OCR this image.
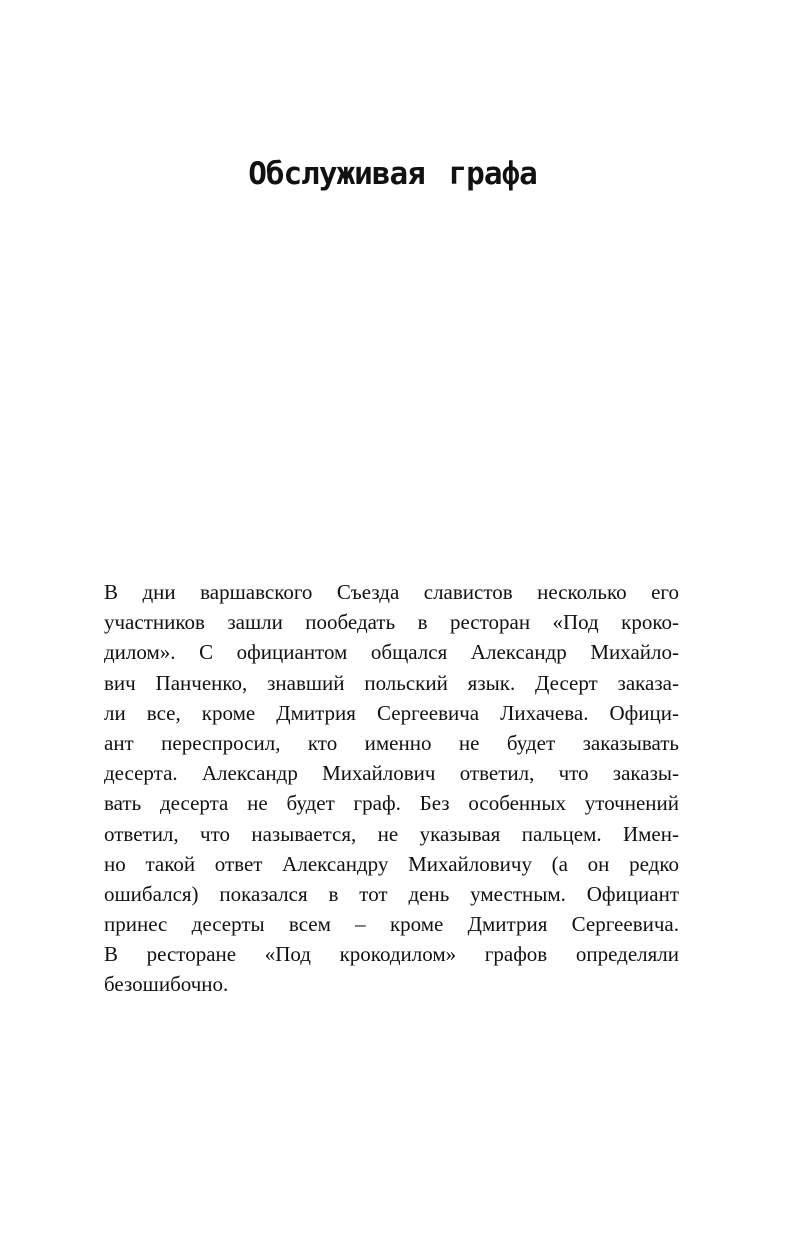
Обслуживая графа
В дни варшавского Съезда славистов несколько его
участников зашли пообедать в ресторан «Под кроко-
дилом». С официантом общался Александр Михайло-
вич Панченко, знавший польский язык. Десерт заказа-
ли все, кроме Дмитрия Сергеевича Лихачева. Офици-
ант переспросил, кто именно не будет заказывать
десерта. Александр Михайлович ответил, что заказы-
вать десерта не будет граф. Без особенных уточнений
ответил, что называется, не указывая пальцем. Имен-
но такой ответ Александру Михайловичу (а он редко
ошибался) показался в тот день уместным. Официант
принес десерты всем – кроме Дмитрия Сергеевича.
В ресторане «Под крокодилом» графов определяли
безошибочно.
